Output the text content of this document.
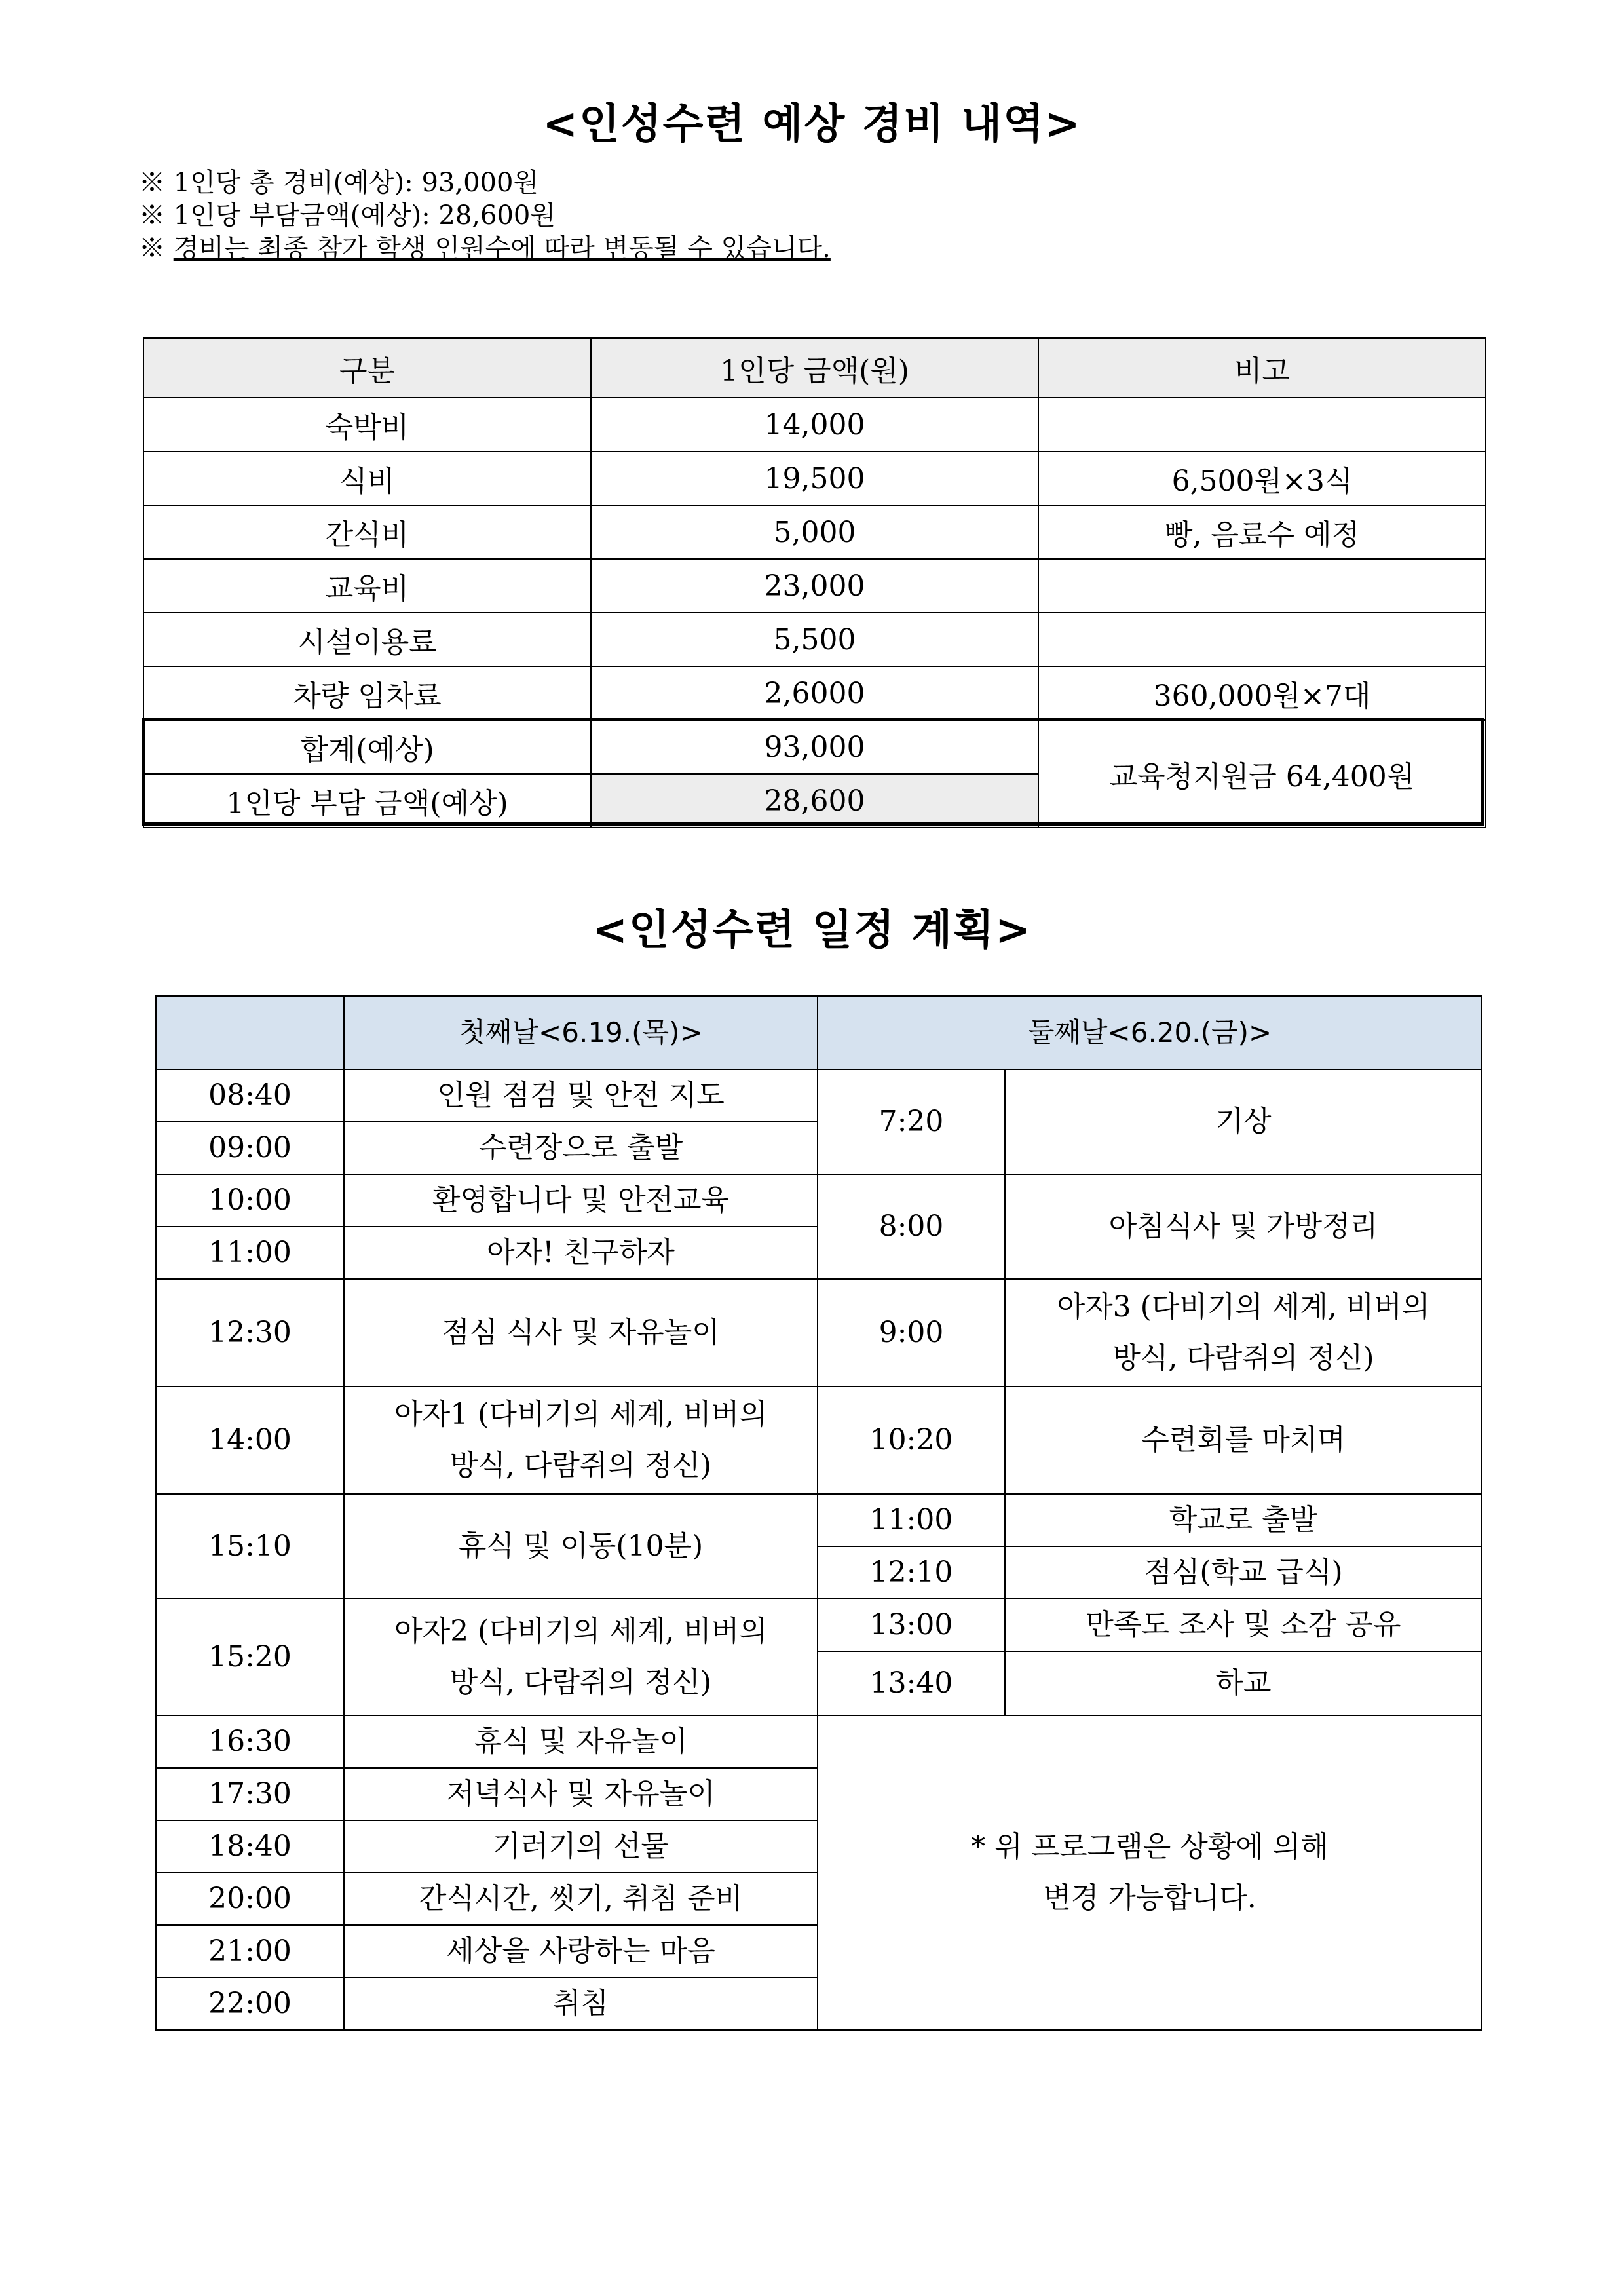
<인성수련 예상 경비 내역>
※ 1인당 총 경비(예상): 93,000원
※ 1인당 부담금액(예상): 28,600원
※ 경비는 최종 참가 학생 인원수에 따라 변동될 수 있습니다.
구분	1인당 금액(원)	비고
숙박비	14,000	
식비	19,500	6,500원×3식
간식비	5,000	빵, 음료수 예정
교육비	23,000	
시설이용료	5,500	
차량 임차료	2,6000	360,000원×7대
합계(예상)	93,000	교육청지원금 64,400원
1인당 부담 금액(예상)	28,600	
<인성수련 일정 계획>
	첫째날<6.19.(목)>	둘째날<6.20.(금)>	
08:40	인원 점검 및 안전 지도	7:20	기상
09:00	수련장으로 출발		
10:00	환영합니다 및 안전교육	8:00	아침식사 및 가방정리
11:00	아자! 친구하자		
12:30	점심 식사 및 자유놀이	9:00	아자3 (다비기의 세계, 비버의 방식, 다람쥐의 정신)
14:00	아자1 (다비기의 세계, 비버의 방식, 다람쥐의 정신)	10:20	수련회를 마치며
15:10	휴식 및 이동(10분)	11:00	학교로 출발
		12:10	점심(학교 급식)
15:20	아자2 (다비기의 세계, 비버의 방식, 다람쥐의 정신)	13:00	만족도 조사 및 소감 공유
		13:40	하교
16:30	휴식 및 자유놀이	* 위 프로그램은 상황에 의해 변경 가능합니다.	
17:30	저녁식사 및 자유놀이		
18:40	기러기의 선물		
20:00	간식시간, 씻기, 취침 준비		
21:00	세상을 사랑하는 마음		
22:00	취침		
